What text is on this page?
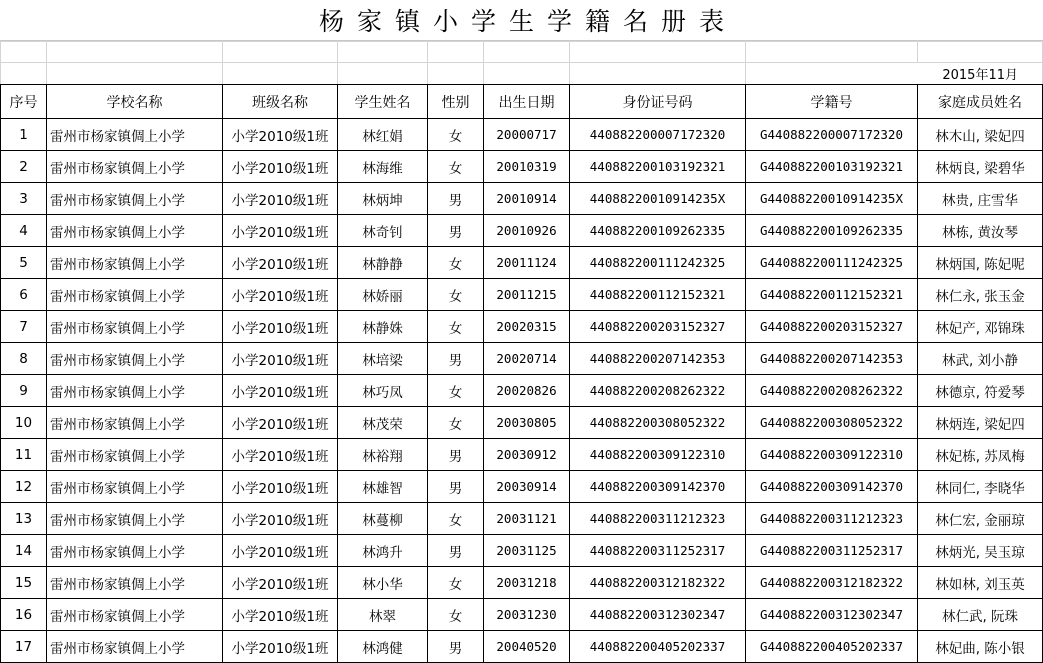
杨家镇小学生学籍名册表

							2015年11月	
序号	学校名称	班级名称	学生姓名	性别	出生日期	身份证号码	学籍号	家庭成员姓名
1	雷州市杨家镇倜上小学	小学2010级1班	林红娟	女	20000717	440882200007172320	G440882200007172320	林木山, 梁妃四
2	雷州市杨家镇倜上小学	小学2010级1班	林海维	女	20010319	440882200103192321	G440882200103192321	林炳良, 梁碧华
3	雷州市杨家镇倜上小学	小学2010级1班	林炳坤	男	20010914	44088220010914235X	G44088220010914235X	林贵, 庄雪华
4	雷州市杨家镇倜上小学	小学2010级1班	林奇钊	男	20010926	440882200109262335	G440882200109262335	林栋, 黄汝琴
5	雷州市杨家镇倜上小学	小学2010级1班	林静静	女	20011124	440882200111242325	G440882200111242325	林炳国, 陈妃呢
6	雷州市杨家镇倜上小学	小学2010级1班	林娇丽	女	20011215	440882200112152321	G440882200112152321	林仁永, 张玉金
7	雷州市杨家镇倜上小学	小学2010级1班	林静姝	女	20020315	440882200203152327	G440882200203152327	林妃产, 邓锦珠
8	雷州市杨家镇倜上小学	小学2010级1班	林培梁	男	20020714	440882200207142353	G440882200207142353	林武, 刘小静
9	雷州市杨家镇倜上小学	小学2010级1班	林巧凤	女	20020826	440882200208262322	G440882200208262322	林德京, 符爱琴
10	雷州市杨家镇倜上小学	小学2010级1班	林茂荣	女	20030805	440882200308052322	G440882200308052322	林炳连, 梁妃四
11	雷州市杨家镇倜上小学	小学2010级1班	林裕翔	男	20030912	440882200309122310	G440882200309122310	林妃栋, 苏凤梅
12	雷州市杨家镇倜上小学	小学2010级1班	林雄智	男	20030914	440882200309142370	G440882200309142370	林同仁, 李晓华
13	雷州市杨家镇倜上小学	小学2010级1班	林蔓柳	女	20031121	440882200311212323	G440882200311212323	林仁宏, 金丽琼
14	雷州市杨家镇倜上小学	小学2010级1班	林鸿升	男	20031125	440882200311252317	G440882200311252317	林炳光, 吴玉琼
15	雷州市杨家镇倜上小学	小学2010级1班	林小华	女	20031218	440882200312182322	G440882200312182322	林如林, 刘玉英
16	雷州市杨家镇倜上小学	小学2010级1班	林翠	女	20031230	440882200312302347	G440882200312302347	林仁武, 阮珠
17	雷州市杨家镇倜上小学	小学2010级1班	林鸿健	男	20040520	440882200405202337	G440882200405202337	林妃曲, 陈小银
